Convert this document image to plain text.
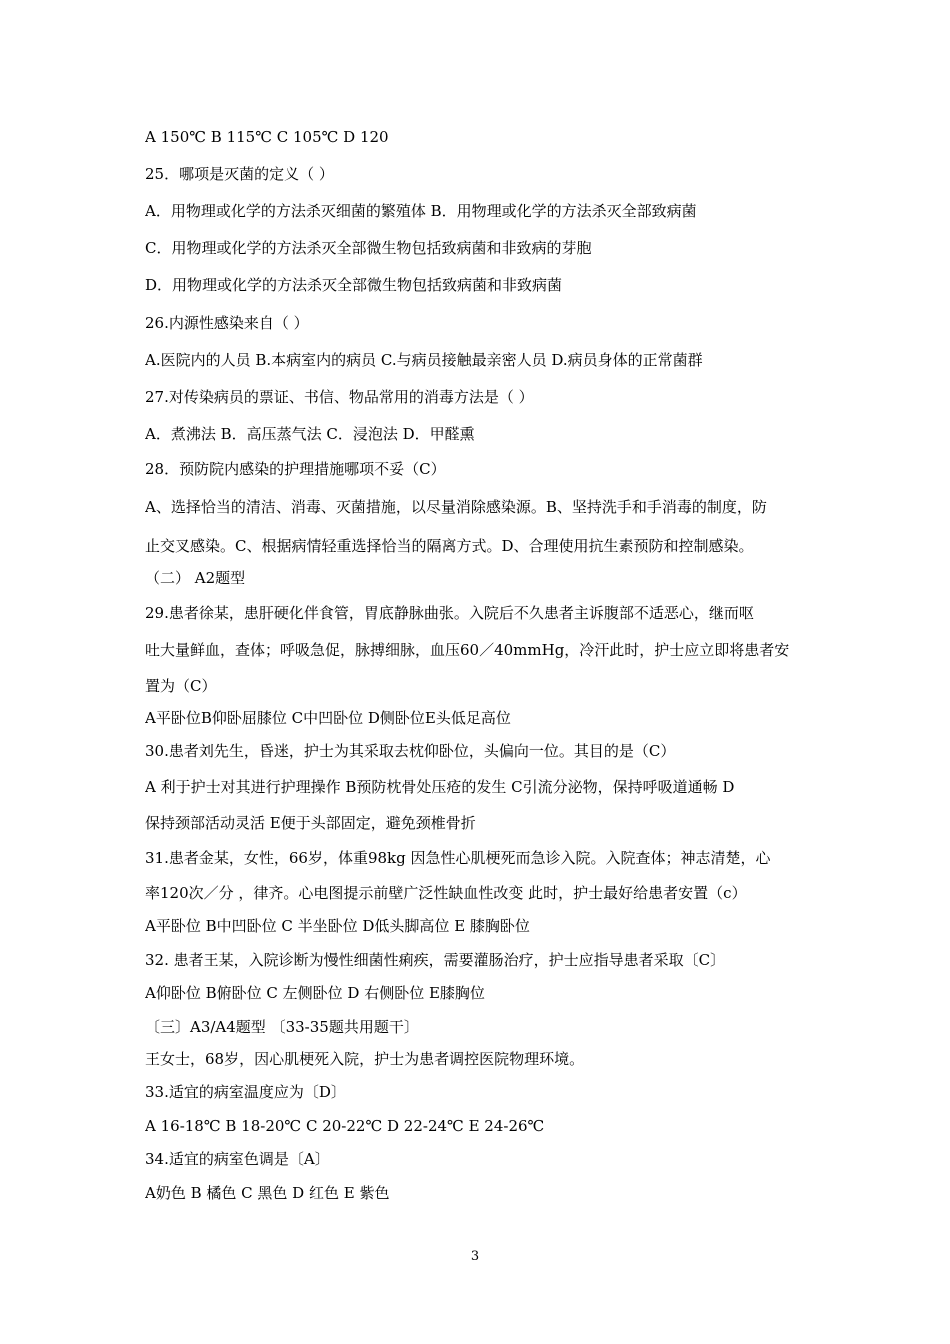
A 150℃ B 115℃ C 105℃ D 120
25．哪项是灭菌的定义（ ）
A．用物理或化学的方法杀灭细菌的繁殖体 B．用物理或化学的方法杀灭全部致病菌
C．用物理或化学的方法杀灭全部微生物包括致病菌和非致病的芽胞
D．用物理或化学的方法杀灭全部微生物包括致病菌和非致病菌
26.内源性感染来自（ ）
A.医院内的人员 B.本病室内的病员 C.与病员接触最亲密人员 D.病员身体的正常菌群
27.对传染病员的票证、书信、物品常用的消毒方法是（ ）
A．煮沸法 B．高压蒸气法 C．浸泡法 D．甲醛熏
28．预防院内感染的护理措施哪项不妥（C）
A、选择恰当的清洁、消毒、灭菌措施，以尽量消除感染源。B、坚持洗手和手消毒的制度，防
止交叉感染。C、根据病情轻重选择恰当的隔离方式。D、合理使用抗生素预防和控制感染。
（二） A2题型
29.患者徐某，患肝硬化伴食管，胃底静脉曲张。入院后不久患者主诉腹部不适恶心，继而呕
吐大量鲜血，查体；呼吸急促，脉搏细脉，血压60／40mmHg，冷汗此时，护士应立即将患者安
置为（C）
A平卧位B仰卧屈膝位 C中凹卧位 D侧卧位E头低足高位
30.患者刘先生，昏迷，护士为其采取去枕仰卧位，头偏向一位。其目的是（C）
A 利于护士对其进行护理操作 B预防枕骨处压疮的发生 C引流分泌物，保持呼吸道通畅 D
保持颈部活动灵活 E便于头部固定，避免颈椎骨折
31.患者金某，女性，66岁，体重98kg 因急性心肌梗死而急诊入院。入院查体；神志清楚，心
率120次／分 ，律齐。心电图提示前壁广泛性缺血性改变 此时，护士最好给患者安置（c）
A平卧位 B中凹卧位 C 半坐卧位 D低头脚高位 E 膝胸卧位
32. 患者王某，入院诊断为慢性细菌性痢疾，需要灌肠治疗，护士应指导患者采取〔C〕
A仰卧位 B俯卧位 C 左侧卧位 D 右侧卧位 E膝胸位
〔三〕A3/A4题型 〔33-35题共用题干〕
王女士，68岁，因心肌梗死入院，护士为患者调控医院物理环境。
33.适宜的病室温度应为〔D〕
A 16-18℃ B 18-20℃ C 20-22℃ D 22-24℃ E 24-26℃
34.适宜的病室色调是〔A〕
A奶色 B 橘色 C 黑色 D 红色 E 紫色
3
